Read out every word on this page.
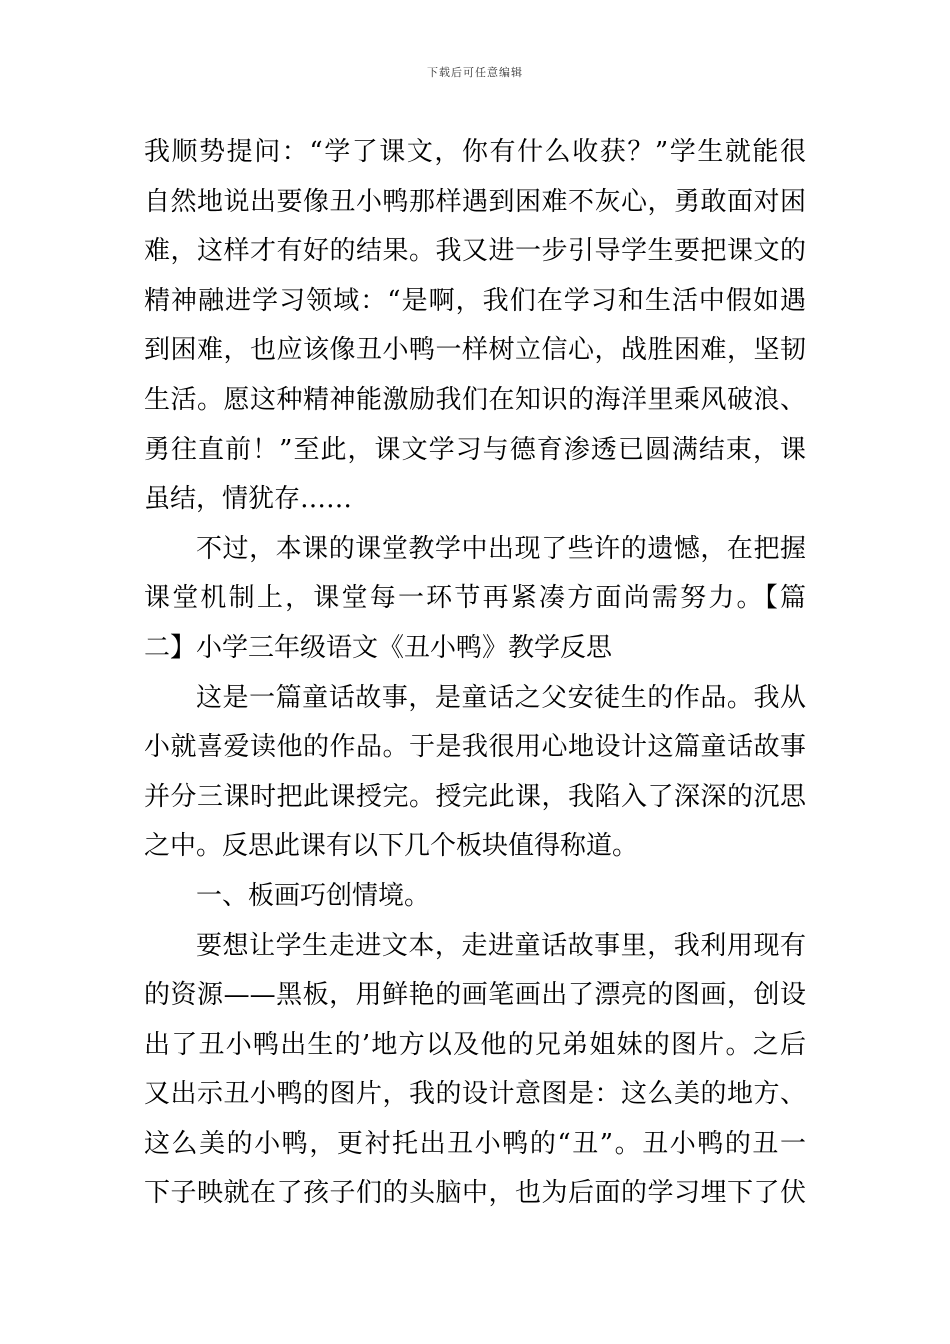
下载后可任意编辑
我顺势提问：“学了课文，你有什么收获？”学生就能很
自然地说出要像丑小鸭那样遇到困难不灰心，勇敢面对困
难，这样才有好的结果。我又进一步引导学生要把课文的
精神融进学习领域：“是啊，我们在学习和生活中假如遇
到困难，也应该像丑小鸭一样树立信心，战胜困难，坚韧
生活。愿这种精神能激励我们在知识的海洋里乘风破浪、
勇往直前！”至此，课文学习与德育渗透已圆满结束，课
虽结，情犹存……
不过，本课的课堂教学中出现了些许的遗憾，在把握
课堂机制上，课堂每一环节再紧凑方面尚需努力。【篇
二】小学三年级语文《丑小鸭》教学反思
这是一篇童话故事，是童话之父安徒生的作品。我从
小就喜爱读他的作品。于是我很用心地设计这篇童话故事
并分三课时把此课授完。授完此课，我陷入了深深的沉思
之中。反思此课有以下几个板块值得称道。
一、板画巧创情境。
要想让学生走进文本，走进童话故事里，我利用现有
的资源——黑板，用鲜艳的画笔画出了漂亮的图画，创设
出了丑小鸭出生的’地方以及他的兄弟姐妹的图片。之后
又出示丑小鸭的图片，我的设计意图是：这么美的地方、
这么美的小鸭，更衬托出丑小鸭的“丑”。丑小鸭的丑一
下子映就在了孩子们的头脑中，也为后面的学习埋下了伏
